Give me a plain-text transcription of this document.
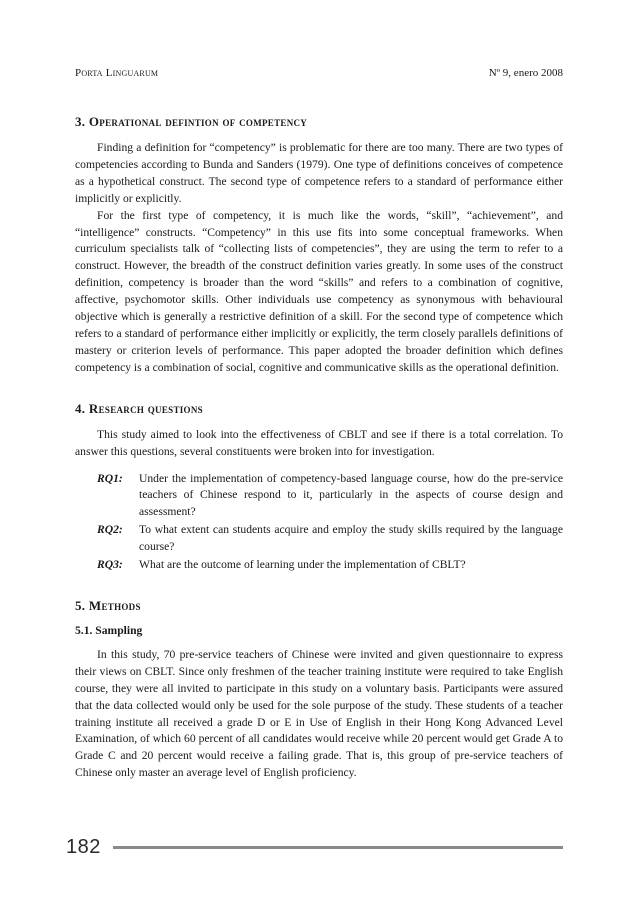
Porta Linguarum	Nº 9, enero 2008
3. Operational defintion of competency

Finding a definition for “competency” is problematic for there are too many. There are two types of competencies according to Bunda and Sanders (1979). One type of definitions conceives of competence as a hypothetical construct. The second type of competence refers to a standard of performance either implicitly or explicitly.

For the first type of competency, it is much like the words, “skill”, “achievement”, and “intelligence” constructs. “Competency” in this use fits into some conceptual frameworks. When curriculum specialists talk of “collecting lists of competencies”, they are using the term to refer to a construct. However, the breadth of the construct definition varies greatly. In some uses of the construct definition, competency is broader than the word “skills” and refers to a combination of cognitive, affective, psychomotor skills. Other individuals use competency as synonymous with behavioural objective which is generally a restrictive definition of a skill. For the second type of competence which refers to a standard of performance either implicitly or explicitly, the term closely parallels definitions of mastery or criterion levels of performance. This paper adopted the broader definition which defines competency is a combination of social, cognitive and communicative skills as the operational definition.

4. Research questions

This study aimed to look into the effectiveness of CBLT and see if there is a total correlation. To answer this questions, several constituents were broken into for investigation.

RQ1:	Under the implementation of competency-based language course, how do the pre-service teachers of Chinese respond to it, particularly in the aspects of course design and assessment?
RQ2:	To what extent can students acquire and employ the study skills required by the language course?
RQ3:	What are the outcome of learning under the implementation of CBLT?
5. Methods
5.1. Sampling

In this study, 70 pre-service teachers of Chinese were invited and given questionnaire to express their views on CBLT. Since only freshmen of the teacher training institute were required to take English course, they were all invited to participate in this study on a voluntary basis. Participants were assured that the data collected would only be used for the sole purpose of the study. These students of a teacher training institute all received a grade D or E in Use of English in their Hong Kong Advanced Level Examination, of which 60 percent of all candidates would receive while 20 percent would get Grade A to Grade C and 20 percent would receive a failing grade. That is, this group of pre-service teachers of Chinese only master an average level of English proficiency.

182
